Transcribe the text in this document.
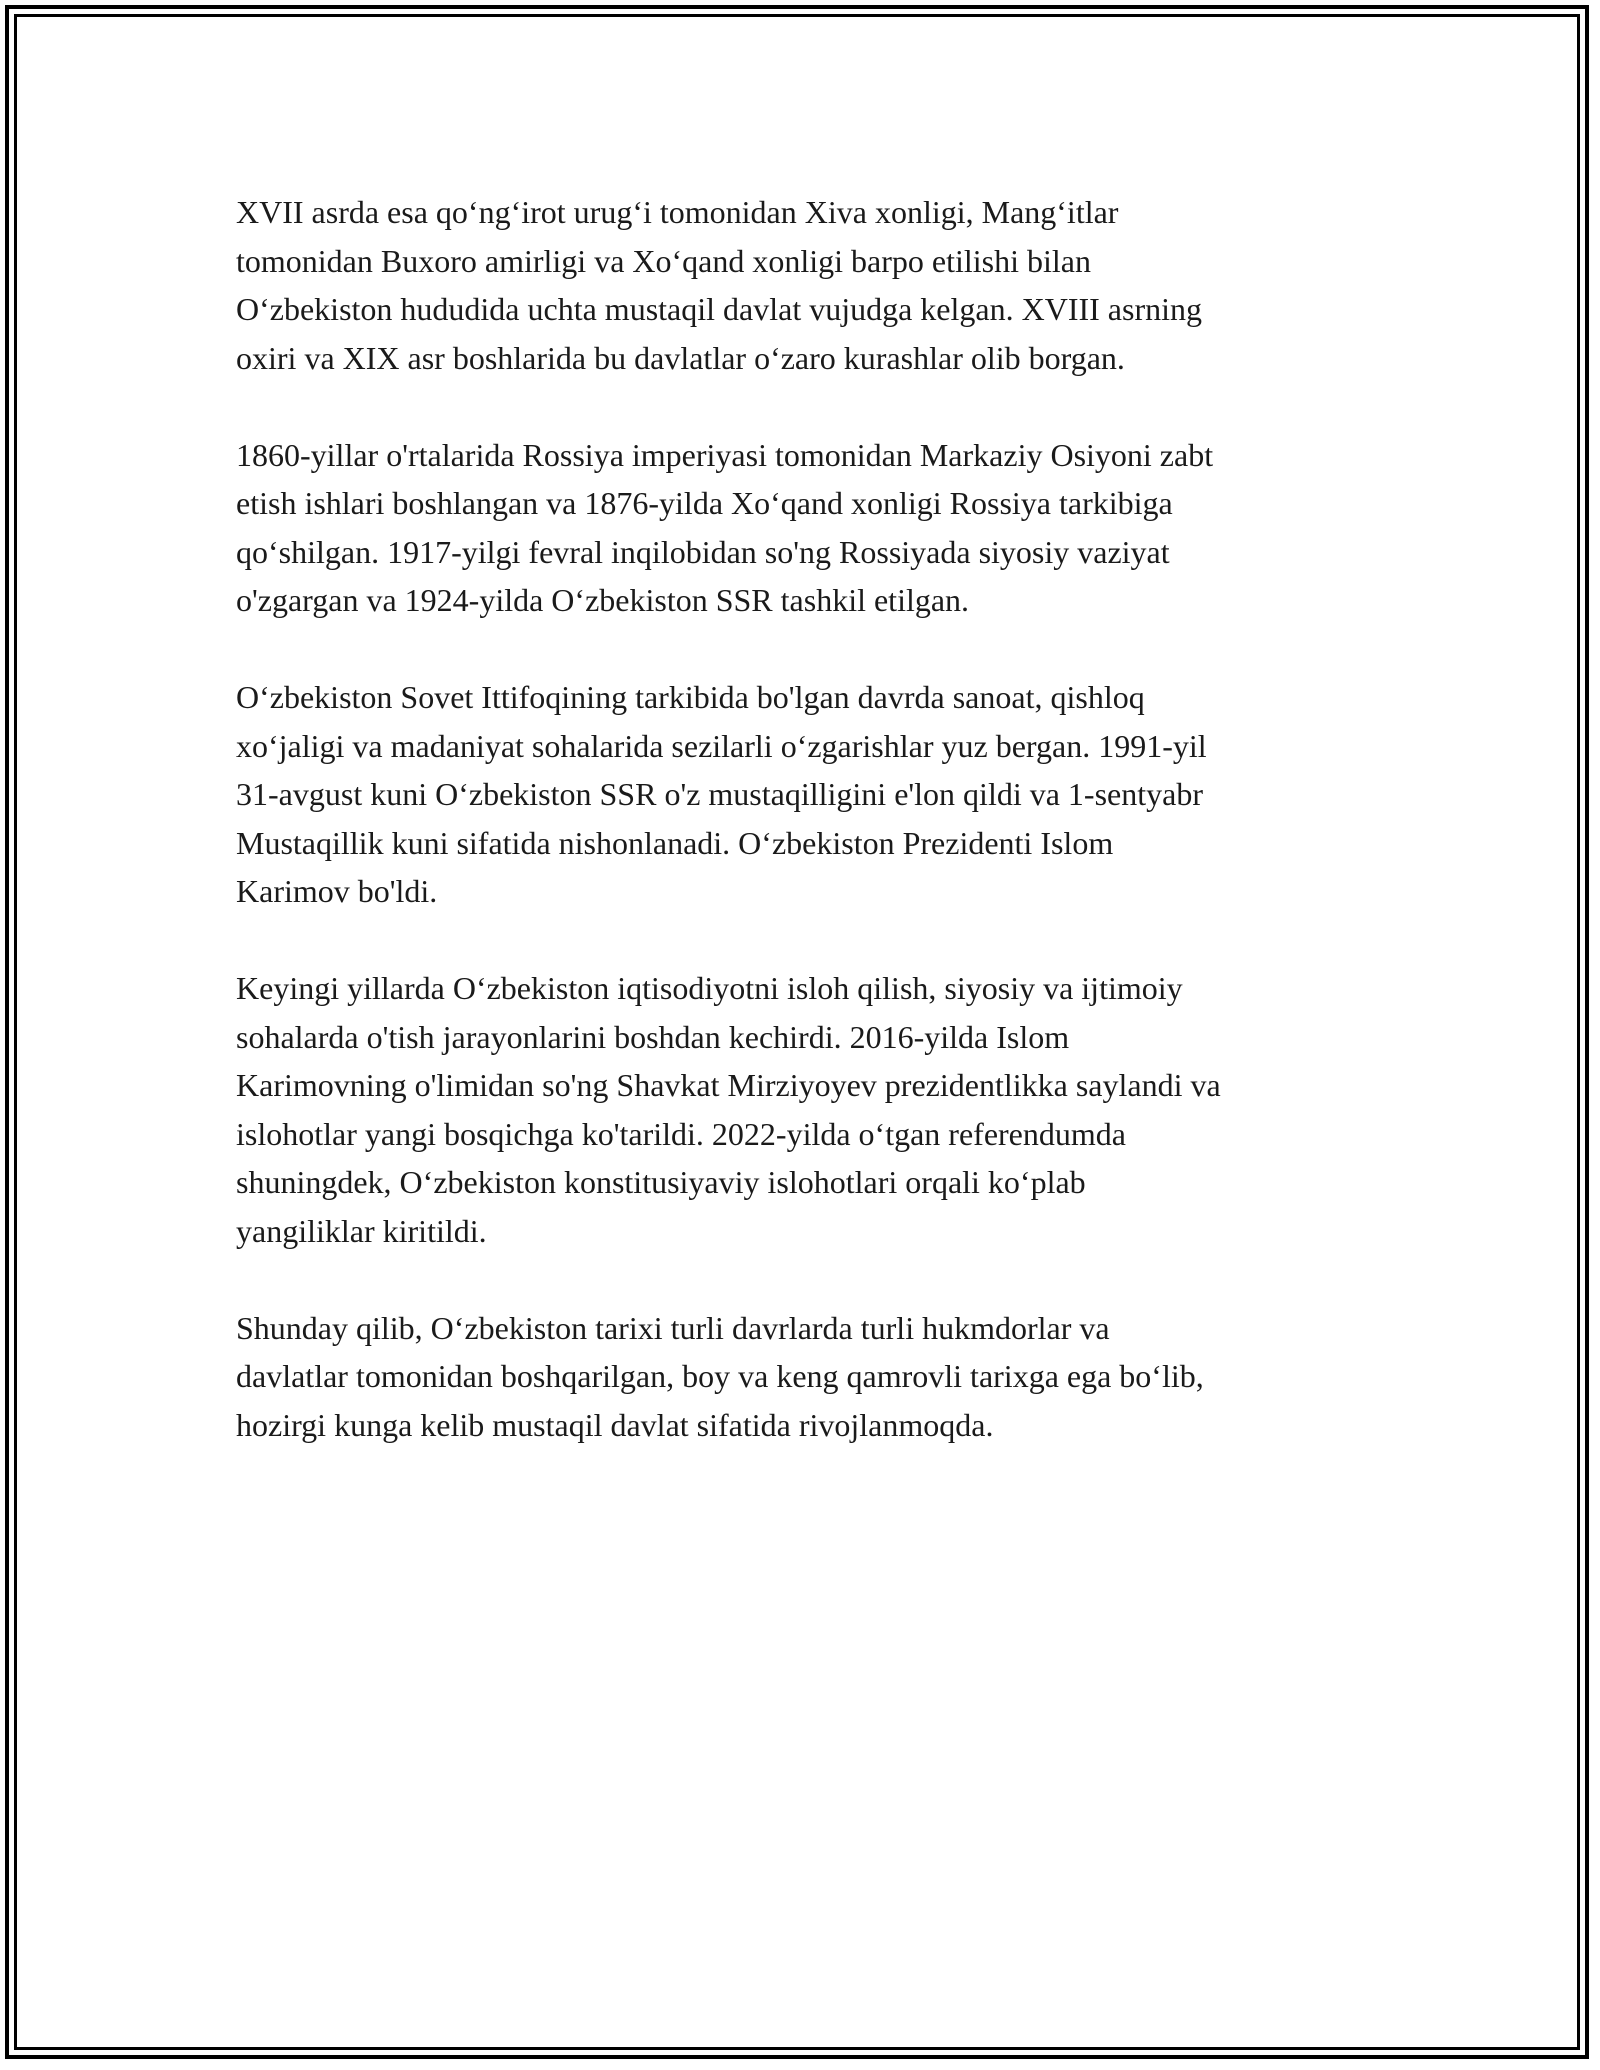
XVII asrda esa qo‘ng‘irot urug‘i tomonidan Xiva xonligi, Mang‘itlar
tomonidan Buxoro amirligi va Xo‘qand xonligi barpo etilishi bilan
O‘zbekiston hududida uchta mustaqil davlat vujudga kelgan. XVIII asrning
oxiri va XIX asr boshlarida bu davlatlar o‘zaro kurashlar olib borgan.

1860-yillar o'rtalarida Rossiya imperiyasi tomonidan Markaziy Osiyoni zabt
etish ishlari boshlangan va 1876-yilda Xo‘qand xonligi Rossiya tarkibiga
qo‘shilgan. 1917-yilgi fevral inqilobidan so'ng Rossiyada siyosiy vaziyat
o'zgargan va 1924-yilda O‘zbekiston SSR tashkil etilgan.

O‘zbekiston Sovet Ittifoqining tarkibida bo'lgan davrda sanoat, qishloq
xo‘jaligi va madaniyat sohalarida sezilarli o‘zgarishlar yuz bergan. 1991-yil
31-avgust kuni O‘zbekiston SSR o'z mustaqilligini e'lon qildi va 1-sentyabr
Mustaqillik kuni sifatida nishonlanadi. O‘zbekiston Prezidenti Islom
Karimov bo'ldi.

Keyingi yillarda O‘zbekiston iqtisodiyotni isloh qilish, siyosiy va ijtimoiy
sohalarda o'tish jarayonlarini boshdan kechirdi. 2016-yilda Islom
Karimovning o'limidan so'ng Shavkat Mirziyoyev prezidentlikka saylandi va
islohotlar yangi bosqichga ko'tarildi. 2022-yilda o‘tgan referendumda
shuningdek, O‘zbekiston konstitusiyaviy islohotlari orqali ko‘plab
yangiliklar kiritildi.

Shunday qilib, O‘zbekiston tarixi turli davrlarda turli hukmdorlar va
davlatlar tomonidan boshqarilgan, boy va keng qamrovli tarixga ega bo‘lib,
hozirgi kunga kelib mustaqil davlat sifatida rivojlanmoqda.
